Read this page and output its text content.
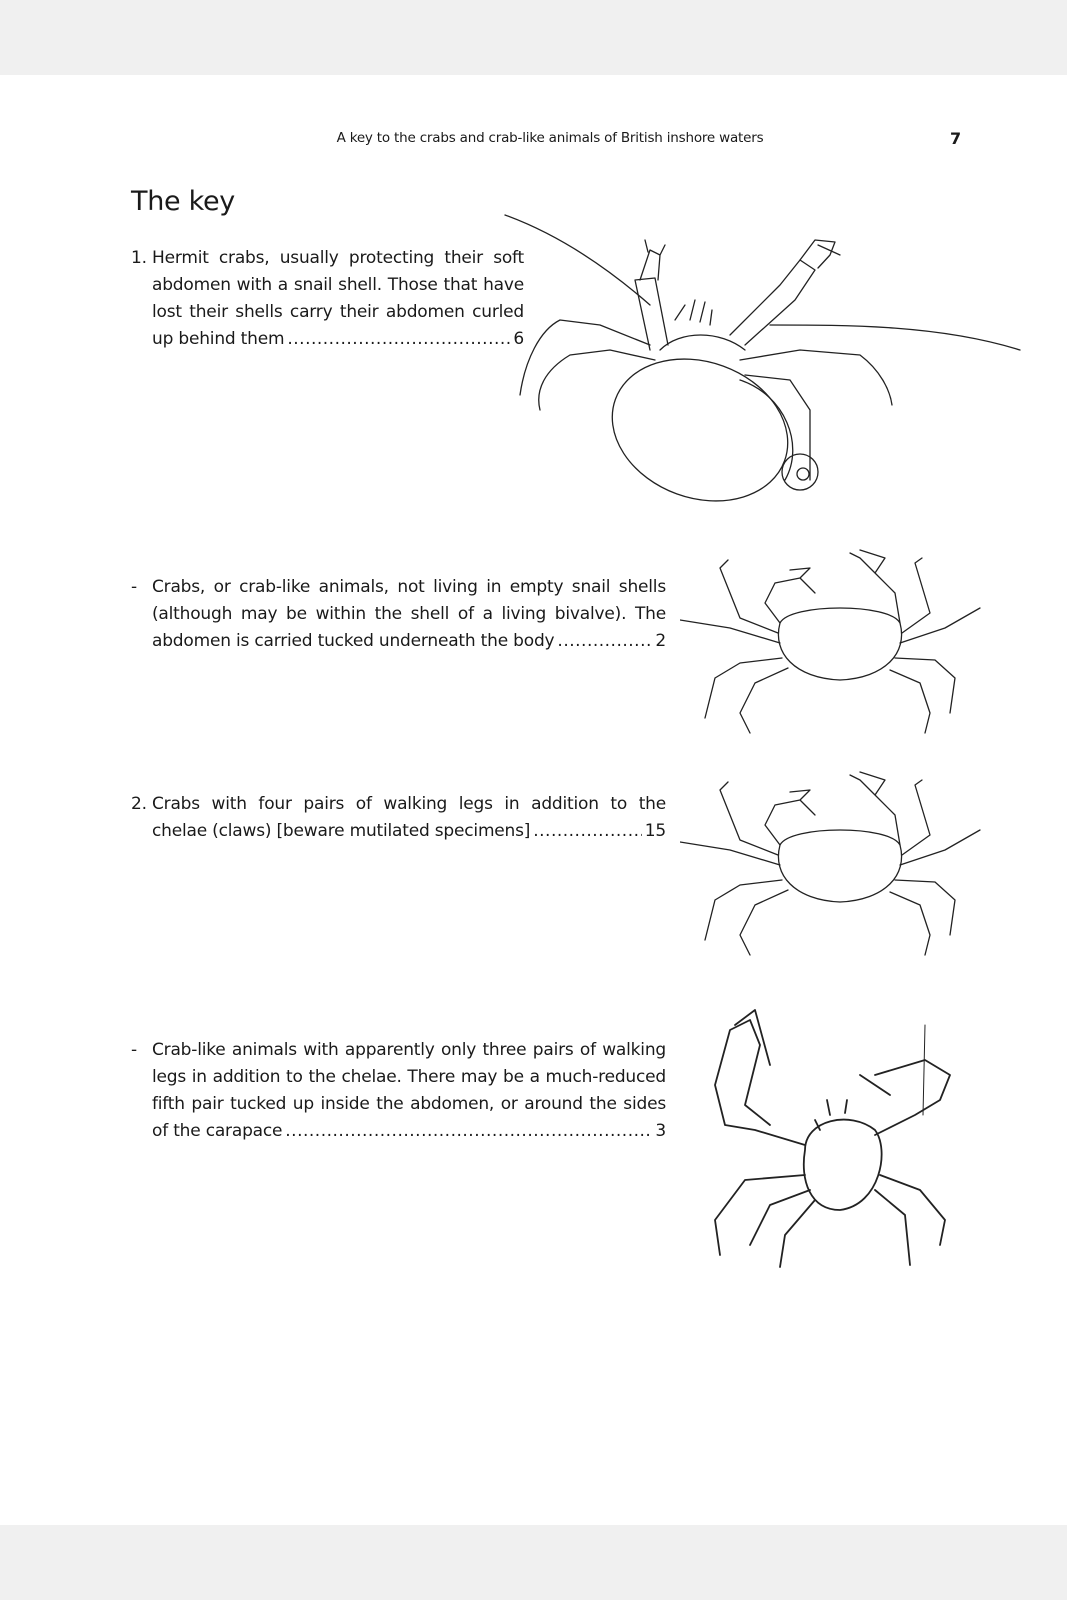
A key to the crabs and crab-like animals of British inshore waters	7
The key
1. Hermit crabs, usually protecting their soft
abdomen with a snail shell. Those that have
lost their shells carry their abdomen curled
up behind them .....	6
- Crabs, or crab-like animals, not living in empty snail shells
(although may be within the shell of a living bivalve). The
abdomen is carried tucked underneath the body .....	2
2. Crabs with four pairs of walking legs in addition to the
chelae (claws) [beware mutilated specimens] .....	15
- Crab-like animals with apparently only three pairs of walking
legs in addition to the chelae. There may be a much-reduced
fifth pair tucked up inside the abdomen, or around the sides
of the carapace .....	3
